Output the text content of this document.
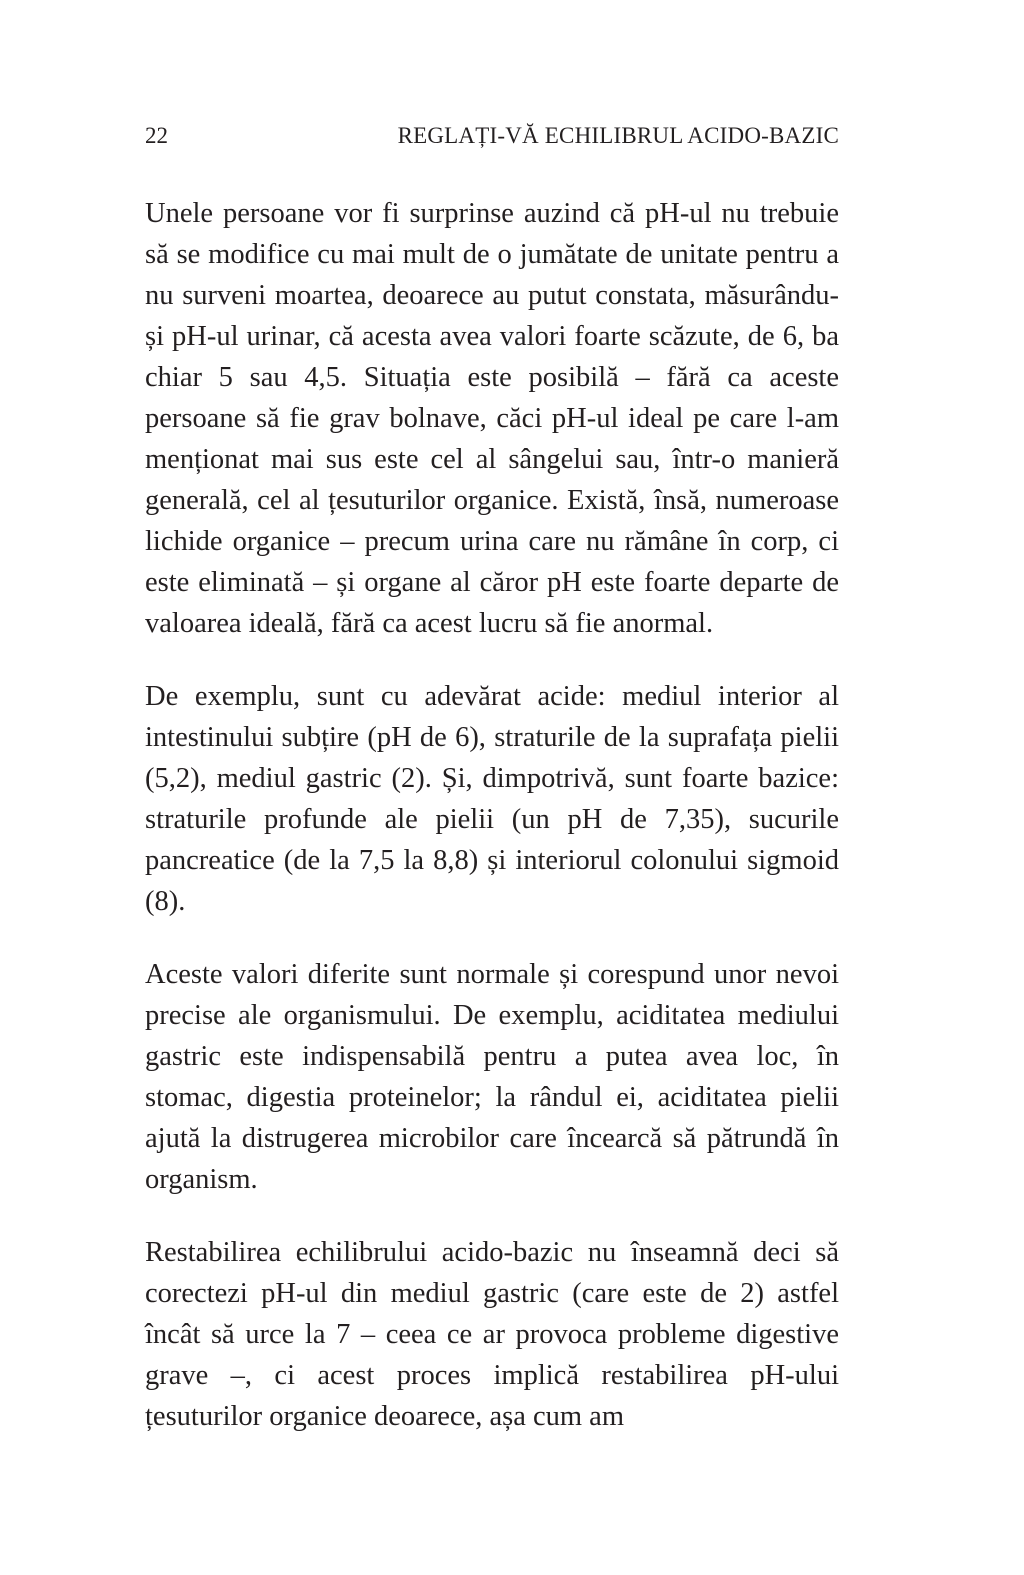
22	REGLAȚI-VĂ ECHILIBRUL ACIDO-BAZIC

Unele persoane vor fi surprinse auzind că pH-ul nu trebuie să se modifice cu mai mult de o jumătate de unitate pentru a nu surveni moartea, deoarece au putut constata, măsurându-și pH-ul urinar, că acesta avea valori foarte scăzute, de 6, ba chiar 5 sau 4,5. Situația este posibilă – fără ca aceste persoane să fie grav bolnave, căci pH-ul ideal pe care l-am menționat mai sus este cel al sângelui sau, într-o manieră generală, cel al țesuturilor organice. Există, însă, numeroase lichide organice – precum urina care nu rămâne în corp, ci este eliminată – și organe al căror pH este foarte departe de valoarea ideală, fără ca acest lucru să fie anormal.

De exemplu, sunt cu adevărat acide: mediul interior al intestinului subțire (pH de 6), straturile de la suprafața pielii (5,2), mediul gastric (2). Și, dimpotrivă, sunt foarte bazice: straturile profunde ale pielii (un pH de 7,35), sucurile pancreatice (de la 7,5 la 8,8) și interiorul colonului sigmoid (8).

Aceste valori diferite sunt normale și corespund unor nevoi precise ale organismului. De exemplu, aciditatea mediului gastric este indispensabilă pentru a putea avea loc, în stomac, digestia proteinelor; la rândul ei, aciditatea pielii ajută la distrugerea microbilor care încearcă să pătrundă în organism.

Restabilirea echilibrului acido-bazic nu înseamnă deci să corectezi pH-ul din mediul gastric (care este de 2) astfel încât să urce la 7 – ceea ce ar provoca probleme digestive grave –, ci acest proces implică restabilirea pH-ului țesuturilor organice deoarece, așa cum am
